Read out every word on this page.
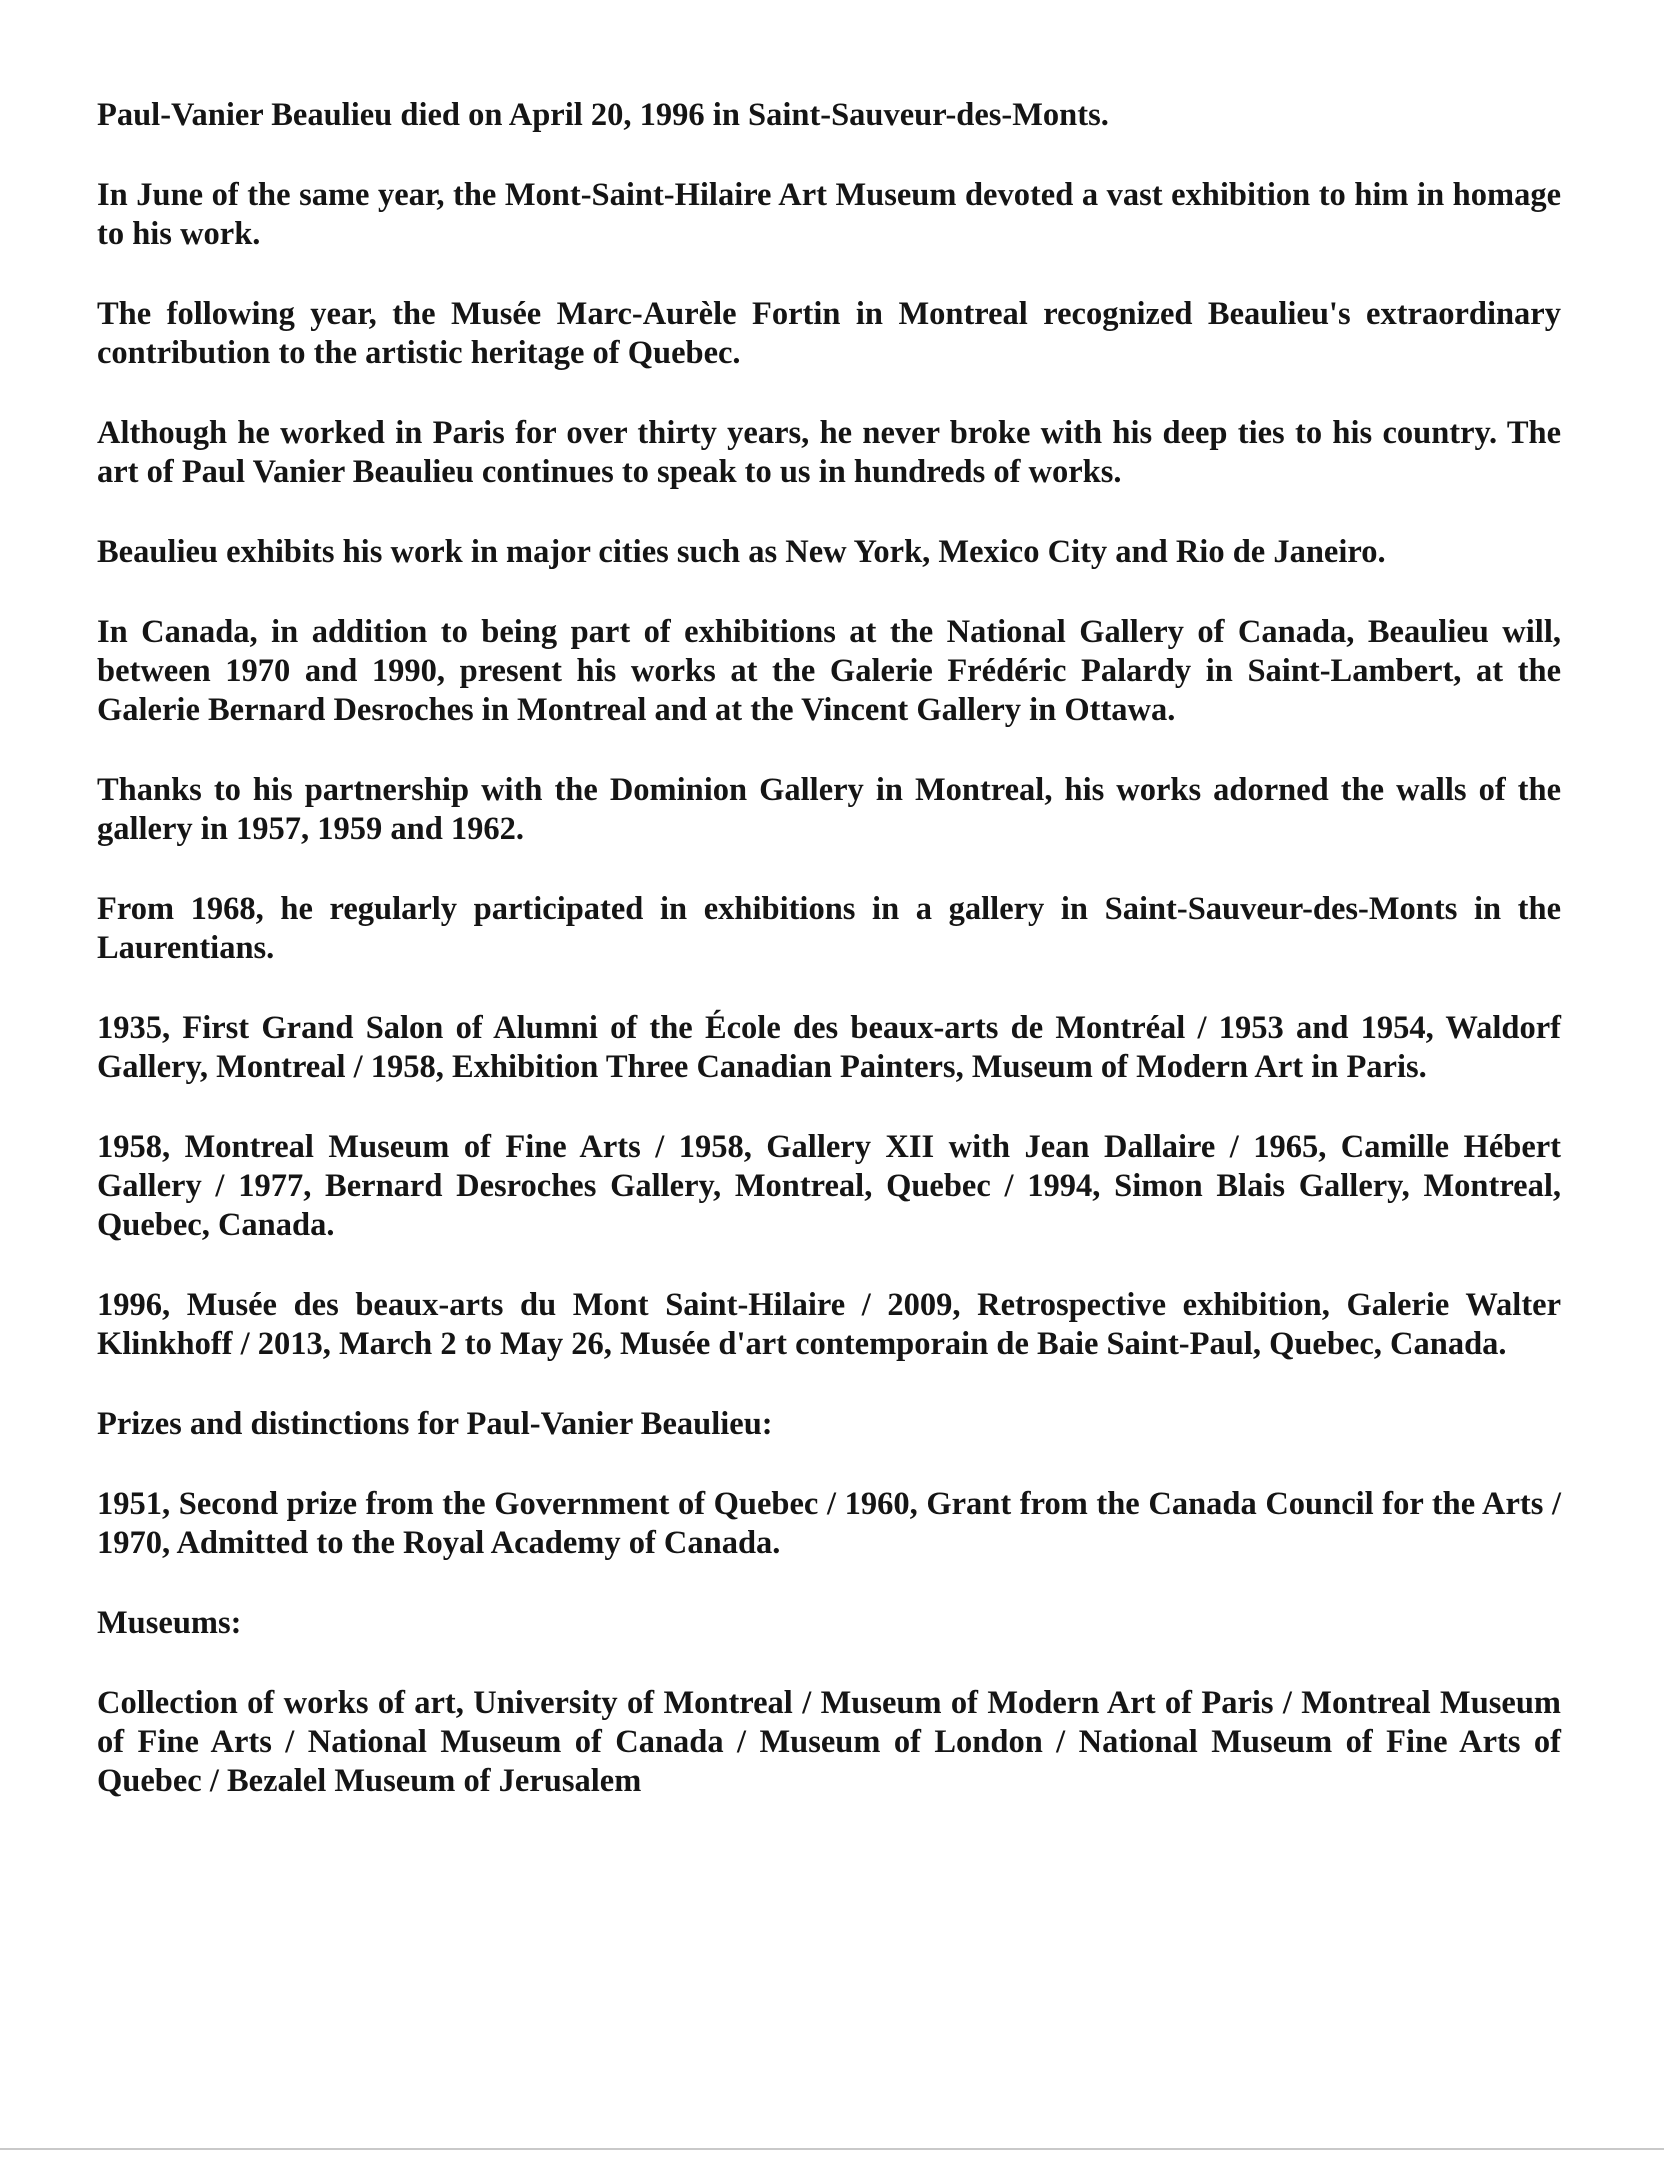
Paul-Vanier Beaulieu died on April 20, 1996 in Saint-Sauveur-des-Monts.

In June of the same year, the Mont-Saint-Hilaire Art Museum devoted a vast exhibition to him in homage to his work.

The following year, the Musée Marc-Aurèle Fortin in Montreal recognized Beaulieu's extraordinary contribution to the artistic heritage of Quebec.

Although he worked in Paris for over thirty years, he never broke with his deep ties to his country. The art of Paul Vanier Beaulieu continues to speak to us in hundreds of works.

Beaulieu exhibits his work in major cities such as New York, Mexico City and Rio de Janeiro.

In Canada, in addition to being part of exhibitions at the National Gallery of Canada, Beaulieu will, between 1970 and 1990, present his works at the Galerie Frédéric Palardy in Saint-Lambert, at the Galerie Bernard Desroches in Montreal and at the Vincent Gallery in Ottawa.

Thanks to his partnership with the Dominion Gallery in Montreal, his works adorned the walls of the gallery in 1957, 1959 and 1962.

From 1968, he regularly participated in exhibitions in a gallery in Saint-Sauveur-des-Monts in the Laurentians.

1935, First Grand Salon of Alumni of the École des beaux-arts de Montréal / 1953 and 1954, Waldorf Gallery, Montreal / 1958, Exhibition Three Canadian Painters, Museum of Modern Art in Paris.

1958, Montreal Museum of Fine Arts / 1958, Gallery XII with Jean Dallaire / 1965, Camille Hébert Gallery / 1977, Bernard Desroches Gallery, Montreal, Quebec / 1994, Simon Blais Gallery, Montreal, Quebec, Canada.

1996, Musée des beaux-arts du Mont Saint-Hilaire / 2009, Retrospective exhibition, Galerie Walter Klinkhoff / 2013, March 2 to May 26, Musée d'art contemporain de Baie Saint-Paul, Quebec, Canada.

Prizes and distinctions for Paul-Vanier Beaulieu:

1951, Second prize from the Government of Quebec / 1960, Grant from the Canada Council for the Arts / 1970, Admitted to the Royal Academy of Canada.

Museums:

Collection of works of art, University of Montreal / Museum of Modern Art of Paris / Montreal Museum of Fine Arts / National Museum of Canada / Museum of London / National Museum of Fine Arts of Quebec / Bezalel Museum of Jerusalem
